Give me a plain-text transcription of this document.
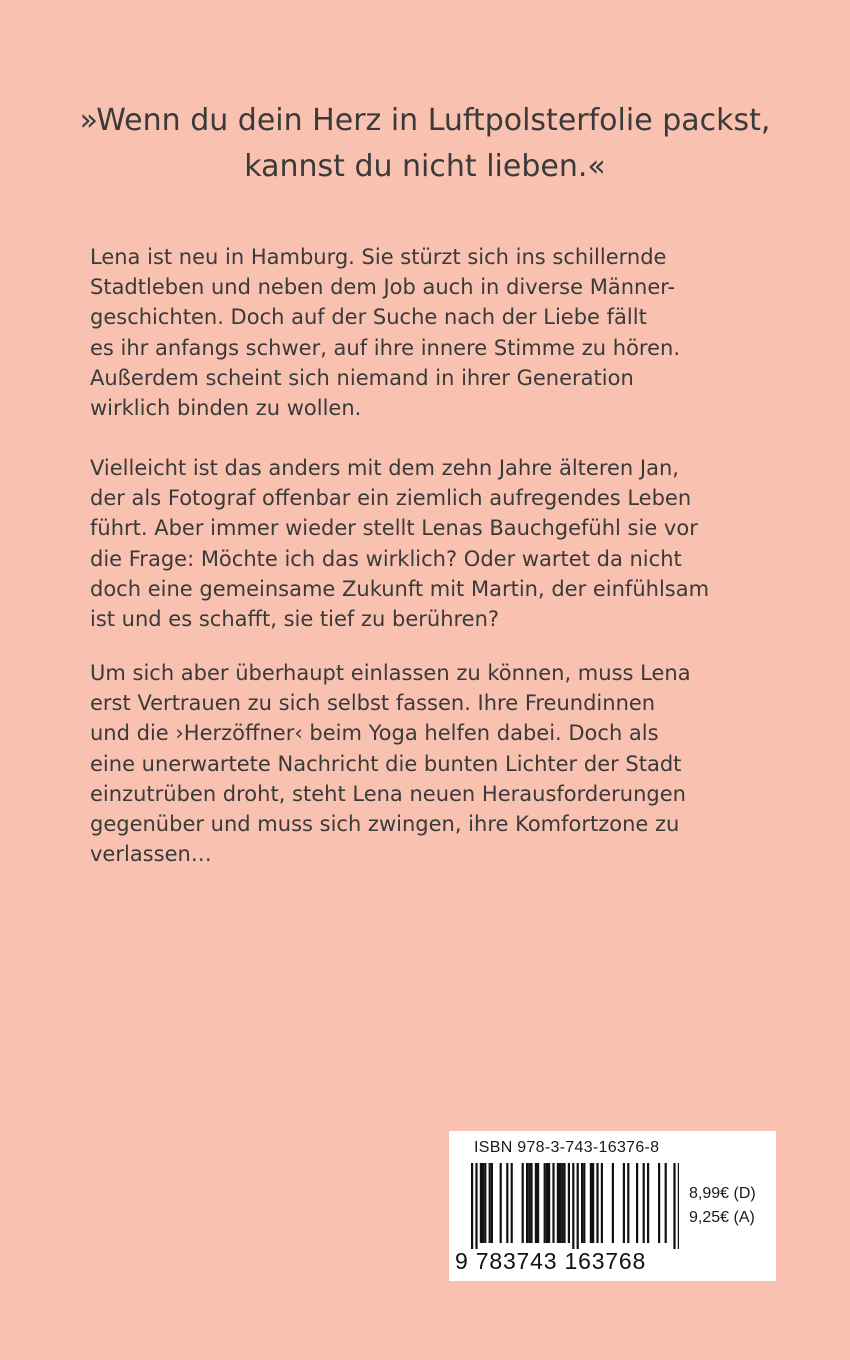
»Wenn du dein Herz in Luftpolsterfolie packst,
kannst du nicht lieben.«
Lena ist neu in Hamburg. Sie stürzt sich ins schillernde
Stadtleben und neben dem Job auch in diverse Männer-
geschichten. Doch auf der Suche nach der Liebe fällt
es ihr anfangs schwer, auf ihre innere Stimme zu hören.
Außerdem scheint sich niemand in ihrer Generation
wirklich binden zu wollen.
Vielleicht ist das anders mit dem zehn Jahre älteren Jan,
der als Fotograf offenbar ein ziemlich aufregendes Leben
führt. Aber immer wieder stellt Lenas Bauchgefühl sie vor
die Frage: Möchte ich das wirklich? Oder wartet da nicht
doch eine gemeinsame Zukunft mit Martin, der einfühlsam
ist und es schafft, sie tief zu berühren?
Um sich aber überhaupt einlassen zu können, muss Lena
erst Vertrauen zu sich selbst fassen. Ihre Freundinnen
und die ›Herzöffner‹ beim Yoga helfen dabei. Doch als
eine unerwartete Nachricht die bunten Lichter der Stadt
einzutrüben droht, steht Lena neuen Herausforderungen
gegenüber und muss sich zwingen, ihre Komfortzone zu
verlassen…
ISBN 978-3-743-16376-8
9 783743 163768
8,99€ (D)
9,25€ (A)
